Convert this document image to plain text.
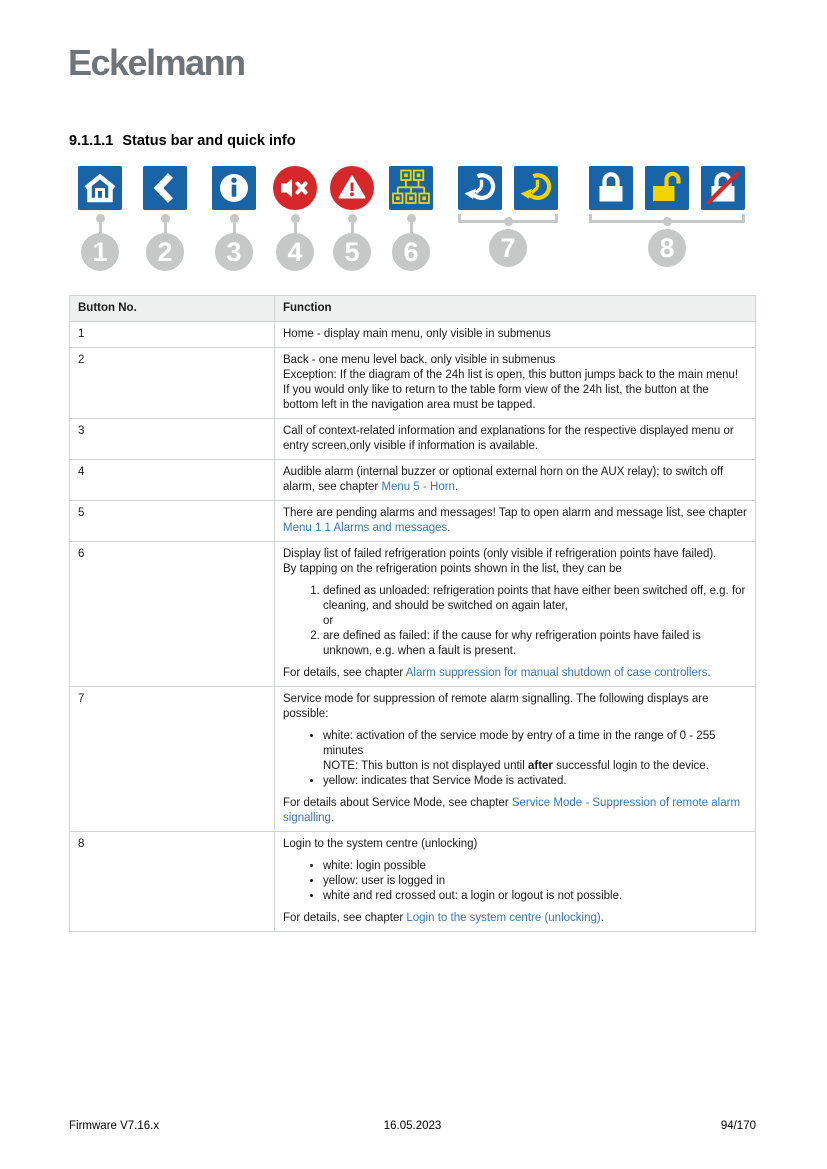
Eckelmann
9.1.1.1 Status bar and quick info
1	2	3	4	5	6	7	8
Button No.	Function
1	Home - display main menu, only visible in submenus

2	Back - one menu level back, only visible in submenus
Exception: If the diagram of the 24h list is open, this button jumps back to the main menu! If you would only like to return to the table form view of the 24h list, the button at the bottom left in the navigation area must be tapped.

3	Call of context-related information and explanations for the respective displayed menu or entry screen,only visible if information is available.

4	Audible alarm (internal buzzer or optional external horn on the AUX relay); to switch off alarm, see chapter Menu 5 - Horn.

5	There are pending alarms and messages! Tap to open alarm and message list, see chapter Menu 1 1 Alarms and messages.

6	Display list of failed refrigeration points (only visible if refrigeration points have failed).
By tapping on the refrigeration points shown in the list, they can be

1. defined as unloaded: refrigeration points that have either been switched off, e.g. for cleaning, and should be switched on again later,
or
2. are defined as failed: if the cause for why refrigeration points have failed is unknown, e.g. when a fault is present.

For details, see chapter Alarm suppression for manual shutdown of case controllers.

7	Service mode for suppression of remote alarm signalling. The following displays are possible:

• white: activation of the service mode by entry of a time in the range of 0 - 255 minutes
NOTE: This button is not displayed until after successful login to the device.
• yellow: indicates that Service Mode is activated.

For details about Service Mode, see chapter Service Mode - Suppression of remote alarm signalling.

8	Login to the system centre (unlocking)

• white: login possible
• yellow: user is logged in
• white and red crossed out: a login or logout is not possible.

For details, see chapter Login to the system centre (unlocking).

Firmware V7.16.x	16.05.2023	94/170
